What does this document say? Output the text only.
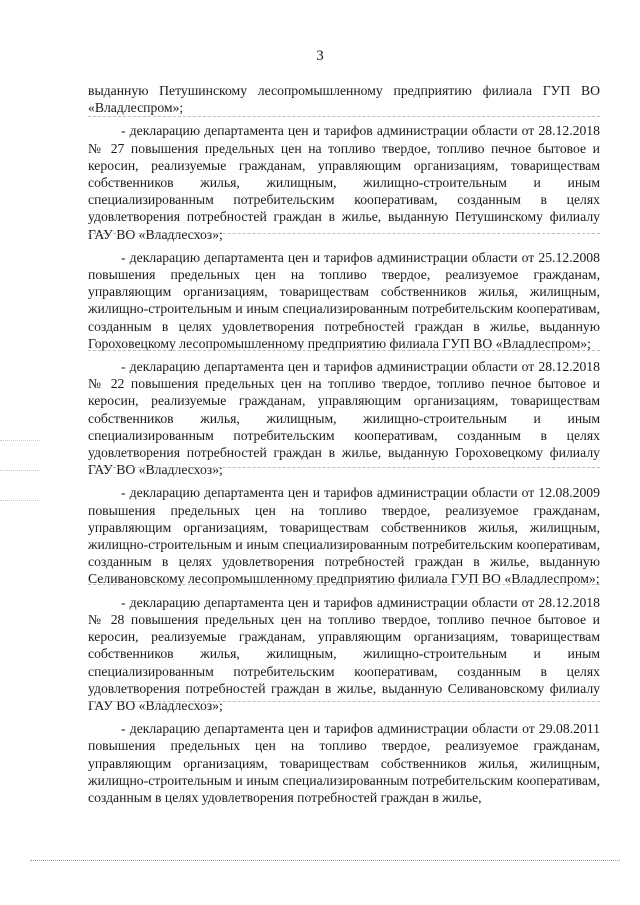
3

выданную Петушинскому лесопромышленному предприятию филиала ГУП ВО «Владлеспром»;

- декларацию департамента цен и тарифов администрации области от 28.12.2018 № 27 повышения предельных цен на топливо твердое, топливо печное бытовое и керосин, реализуемые гражданам, управляющим организациям, товариществам собственников жилья, жилищным, жилищно-строительным и иным специализированным потребительским кооперативам, созданным в целях удовлетворения потребностей граждан в жилье, выданную Петушинскому филиалу ГАУ ВО «Владлесхоз»;

- декларацию департамента цен и тарифов администрации области от 25.12.2008 повышения предельных цен на топливо твердое, реализуемое гражданам, управляющим организациям, товариществам собственников жилья, жилищным, жилищно-строительным и иным специализированным потребительским кооперативам, созданным в целях удовлетворения потребностей граждан в жилье, выданную Гороховецкому лесопромышленному предприятию филиала ГУП ВО «Владлеспром»;

- декларацию департамента цен и тарифов администрации области от 28.12.2018 № 22 повышения предельных цен на топливо твердое, топливо печное бытовое и керосин, реализуемые гражданам, управляющим организациям, товариществам собственников жилья, жилищным, жилищно-строительным и иным специализированным потребительским кооперативам, созданным в целях удовлетворения потребностей граждан в жилье, выданную Гороховецкому филиалу ГАУ ВО «Владлесхоз»;

- декларацию департамента цен и тарифов администрации области от 12.08.2009 повышения предельных цен на топливо твердое, реализуемое гражданам, управляющим организациям, товариществам собственников жилья, жилищным, жилищно-строительным и иным специализированным потребительским кооперативам, созданным в целях удовлетворения потребностей граждан в жилье, выданную Селивановскому лесопромышленному предприятию филиала ГУП ВО «Владлеспром»;

- декларацию департамента цен и тарифов администрации области от 28.12.2018 № 28 повышения предельных цен на топливо твердое, топливо печное бытовое и керосин, реализуемые гражданам, управляющим организациям, товариществам собственников жилья, жилищным, жилищно-строительным и иным специализированным потребительским кооперативам, созданным в целях удовлетворения потребностей граждан в жилье, выданную Селивановскому филиалу ГАУ ВО «Владлесхоз»;

- декларацию департамента цен и тарифов администрации области от 29.08.2011 повышения предельных цен на топливо твердое, реализуемое гражданам, управляющим организациям, товариществам собственников жилья, жилищным, жилищно-строительным и иным специализированным потребительским кооперативам, созданным в целях удовлетворения потребностей граждан в жилье,
